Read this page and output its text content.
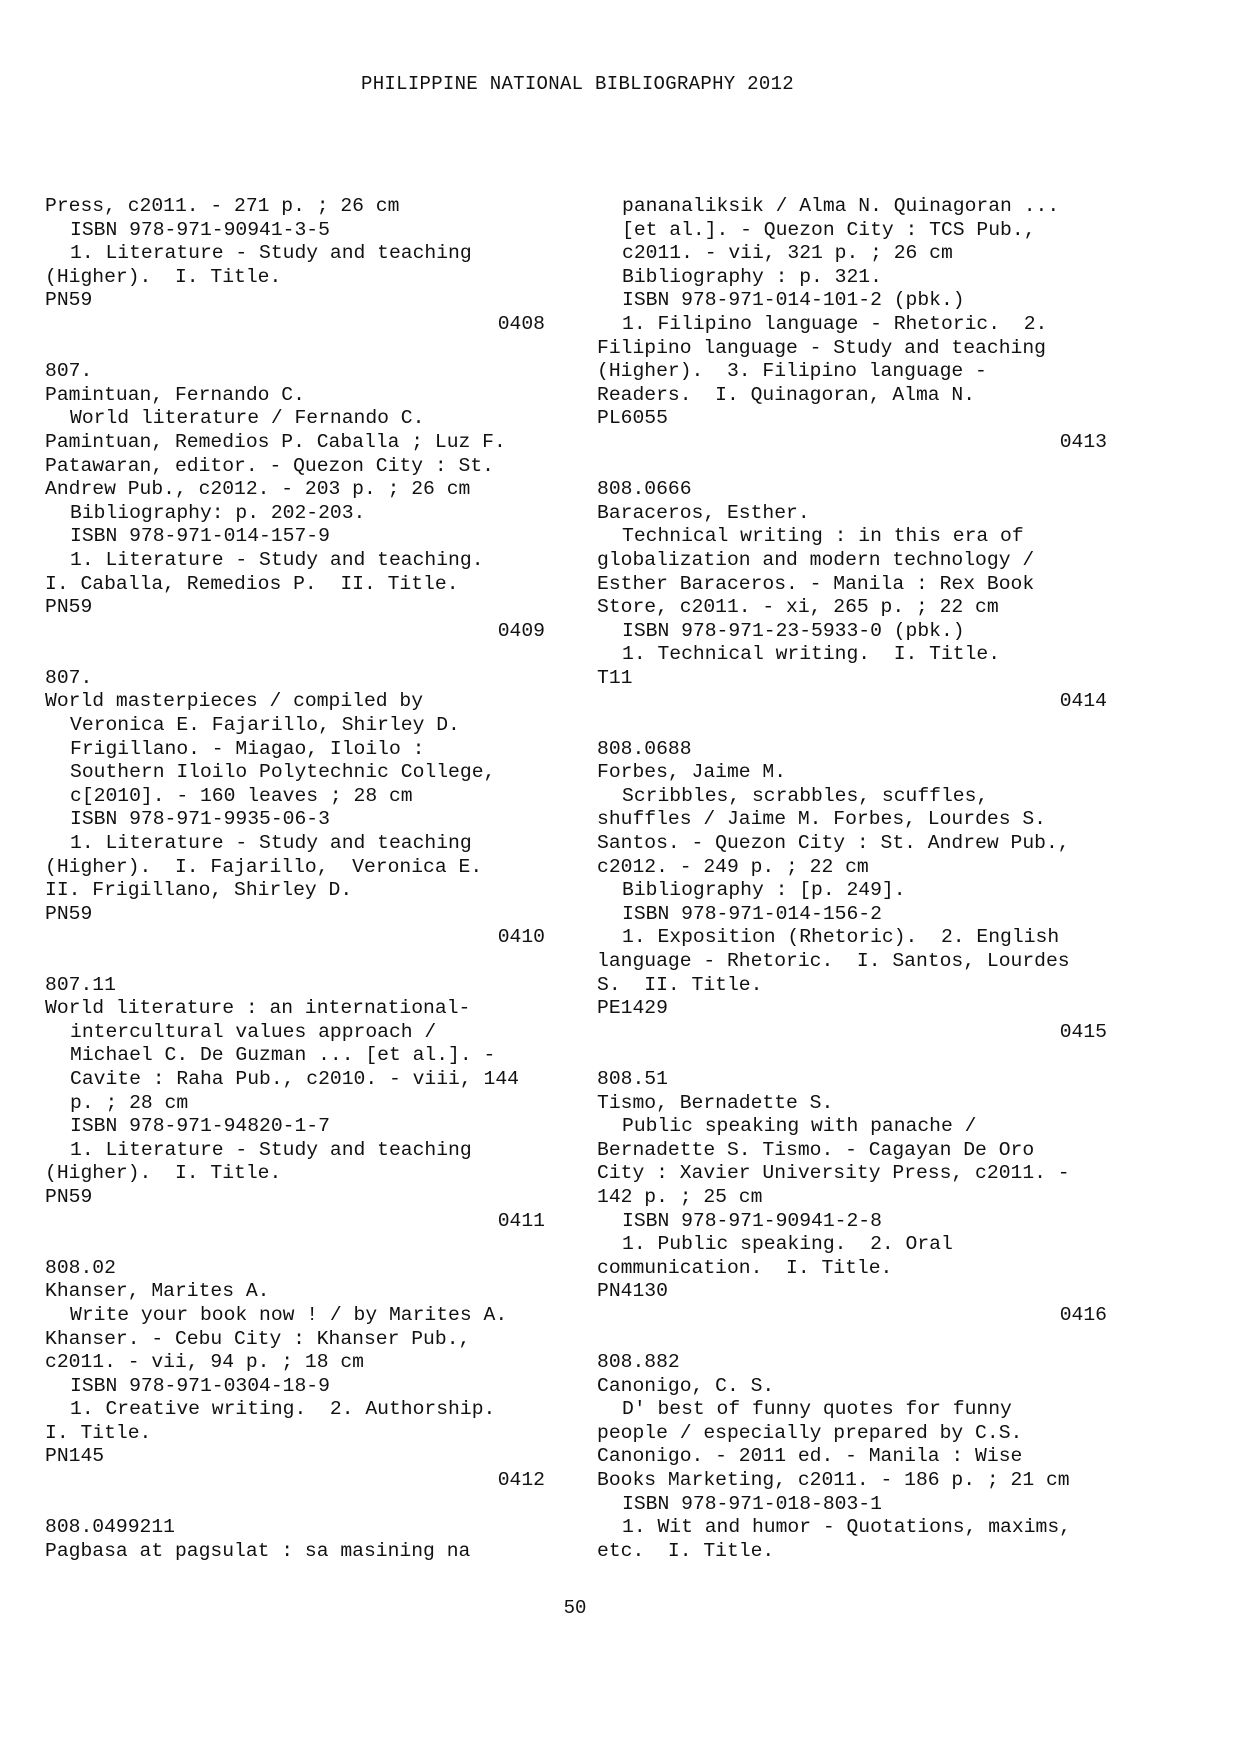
PHILIPPINE NATIONAL BIBLIOGRAPHY 2012
Press, c2011. - 271 p. ; 26 cm
ISBN 978-971-90941-3-5
1. Literature - Study and teaching
(Higher).  I. Title.
PN59
0408
807.
Pamintuan, Fernando C.
World literature / Fernando C.
Pamintuan, Remedios P. Caballa ; Luz F.
Patawaran, editor. - Quezon City : St.
Andrew Pub., c2012. - 203 p. ; 26 cm
Bibliography: p. 202-203.
ISBN 978-971-014-157-9
1. Literature - Study and teaching.
I. Caballa, Remedios P.  II. Title.
PN59
0409
807.
World masterpieces / compiled by
Veronica E. Fajarillo, Shirley D.
Frigillano. - Miagao, Iloilo :
Southern Iloilo Polytechnic College,
c[2010]. - 160 leaves ; 28 cm
ISBN 978-971-9935-06-3
1. Literature - Study and teaching
(Higher).  I. Fajarillo,  Veronica E.
II. Frigillano, Shirley D.
PN59
0410
807.11
World literature : an international-
intercultural values approach /
Michael C. De Guzman ... [et al.]. -
Cavite : Raha Pub., c2010. - viii, 144
p. ; 28 cm
ISBN 978-971-94820-1-7
1. Literature - Study and teaching
(Higher).  I. Title.
PN59
0411
808.02
Khanser, Marites A.
Write your book now ! / by Marites A.
Khanser. - Cebu City : Khanser Pub.,
c2011. - vii, 94 p. ; 18 cm
ISBN 978-971-0304-18-9
1. Creative writing.  2. Authorship.
I. Title.
PN145
0412
808.0499211
Pagbasa at pagsulat : sa masining na
pananaliksik / Alma N. Quinagoran ...
[et al.]. - Quezon City : TCS Pub.,
c2011. - vii, 321 p. ; 26 cm
Bibliography : p. 321.
ISBN 978-971-014-101-2 (pbk.)
1. Filipino language - Rhetoric.  2.
Filipino language - Study and teaching
(Higher).  3. Filipino language -
Readers.  I. Quinagoran, Alma N.
PL6055
0413
808.0666
Baraceros, Esther.
Technical writing : in this era of
globalization and modern technology /
Esther Baraceros. - Manila : Rex Book
Store, c2011. - xi, 265 p. ; 22 cm
ISBN 978-971-23-5933-0 (pbk.)
1. Technical writing.  I. Title.
T11
0414
808.0688
Forbes, Jaime M.
Scribbles, scrabbles, scuffles,
shuffles / Jaime M. Forbes, Lourdes S.
Santos. - Quezon City : St. Andrew Pub.,
c2012. - 249 p. ; 22 cm
Bibliography : [p. 249].
ISBN 978-971-014-156-2
1. Exposition (Rhetoric).  2. English
language - Rhetoric.  I. Santos, Lourdes
S.  II. Title.
PE1429
0415
808.51
Tismo, Bernadette S.
Public speaking with panache /
Bernadette S. Tismo. - Cagayan De Oro
City : Xavier University Press, c2011. -
142 p. ; 25 cm
ISBN 978-971-90941-2-8
1. Public speaking.  2. Oral
communication.  I. Title.
PN4130
0416
808.882
Canonigo, C. S.
D' best of funny quotes for funny
people / especially prepared by C.S.
Canonigo. - 2011 ed. - Manila : Wise
Books Marketing, c2011. - 186 p. ; 21 cm
ISBN 978-971-018-803-1
1. Wit and humor - Quotations, maxims,
etc.  I. Title.
50
